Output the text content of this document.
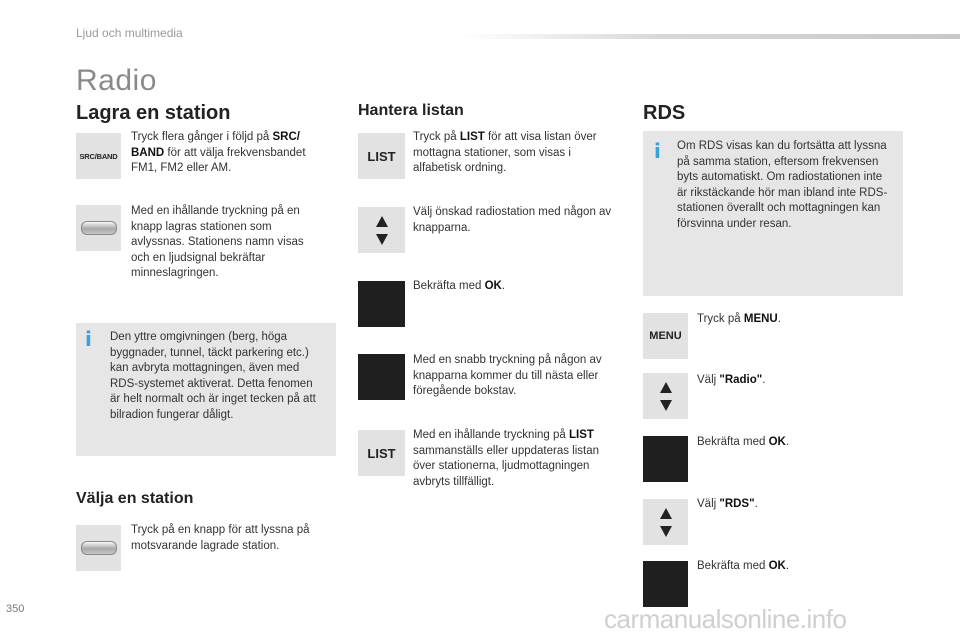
Ljud och multimedia
Radio
Lagra en station
SRC/BAND
Tryck flera gånger i följd på SRC/ BAND för att välja frekvensbandet FM1, FM2 eller AM.
Med en ihållande tryckning på en knapp lagras stationen som avlyssnas. Stationens namn visas och en ljudsignal bekräftar minneslagringen.
i Den yttre omgivningen (berg, höga byggnader, tunnel, täckt parkering etc.) kan avbryta mottagningen, även med RDS-systemet aktiverat. Detta fenomen är helt normalt och är inget tecken på att bilradion fungerar dåligt.
Välja en station
Tryck på en knapp för att lyssna på motsvarande lagrade station.
Hantera listan
LIST
Tryck på LIST för att visa listan över mottagna stationer, som visas i alfabetisk ordning.
Välj önskad radiostation med någon av knapparna.
Bekräfta med OK.
Med en snabb tryckning på någon av knapparna kommer du till nästa eller föregående bokstav.
LIST
Med en ihållande tryckning på LIST sammanställs eller uppdateras listan över stationerna, ljudmottagningen avbryts tillfälligt.
RDS
i Om RDS visas kan du fortsätta att lyssna på samma station, eftersom frekvensen byts automatiskt. Om radiostationen inte är rikstäckande hör man ibland inte RDS-stationen överallt och mottagningen kan försvinna under resan.
MENU
Tryck på MENU.
Välj "Radio".
Bekräfta med OK.
Välj "RDS".
Bekräfta med OK.
350	carmanualsonline.info
